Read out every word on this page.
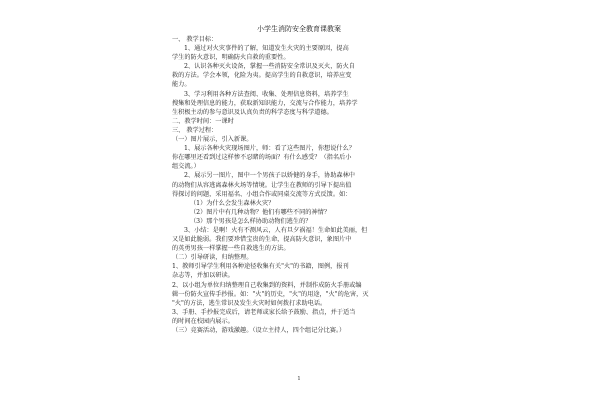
小学生消防安全教育课教案
一、 教学目标：
1、通过对火灾事件的了解，知道发生火灾的主要原因，提高
学生的防火意识，明确防火自救的重要性。
2、认识各种灭火设备，掌握一些消防安全常识及灭火，防火自
救的方法。学会本领，化险为夷。提高学生的自救意识，培养应变
能力。
3、学习利用各种方法查阅、收集、处理信息资料，培养学生
搜集和处理信息的能力，获取新知识能力，交流与合作能力，培养学
生积极主动的参与意识及认真负责的科学态度与科学道德。
二、教学时间：一课时
三、 教学过程：
（一）图片展示，引入新课。
1、展示各种火灾现场图片，师：看了这些图片，你想说什么？
你在哪里还看到过这样惨不忍睹的场面？有什么感受？（指名后小
组交流。）
2、展示另一图片，图中一个男孩子以娇健的身手，协助森林中
的动物们从容逃离森林火场等情境。让学生在教师的引导下提出值
得探讨的问题，采用福名、小组合作或同桌交流等方式反馈。如：
（1）为什么会发生森林火灾？
（2）图片中有几种动物？他们有哪些不同的神情？
（3）那个男孩是怎么样协助动物们逃生的？
3、小结：是啊！火有不测风云，人有旦夕祸福！生命如此美丽，但
又是如此脆弱。我们要珍惜宝贵的生命，提高防火意识，象图片中
的英勇男孩一样掌握一些自救逃生的方法。
（二）引导研读，归纳整理。
1、教师引导学生利用各种途径收集有关"火"的书籍，图例，报刊
杂志等，并加以研读。
2、以小组为单位归纳整理自己收集到的资料，并制作成防火手册或编
辑一份防火宣传手抄报。如："火"的历史，"火"的用途，"火"的危害，灭
"火"的方法，逃生常识及发生火灾时如何拨打求助电话。
3、手册、手抄报完成后，请老师或家长给予鼓励、指点，并于适当
的时间在校园内展示。
（三）竞赛活动，游戏激趣。（设立主持人，四个组记分比赛。）
1
